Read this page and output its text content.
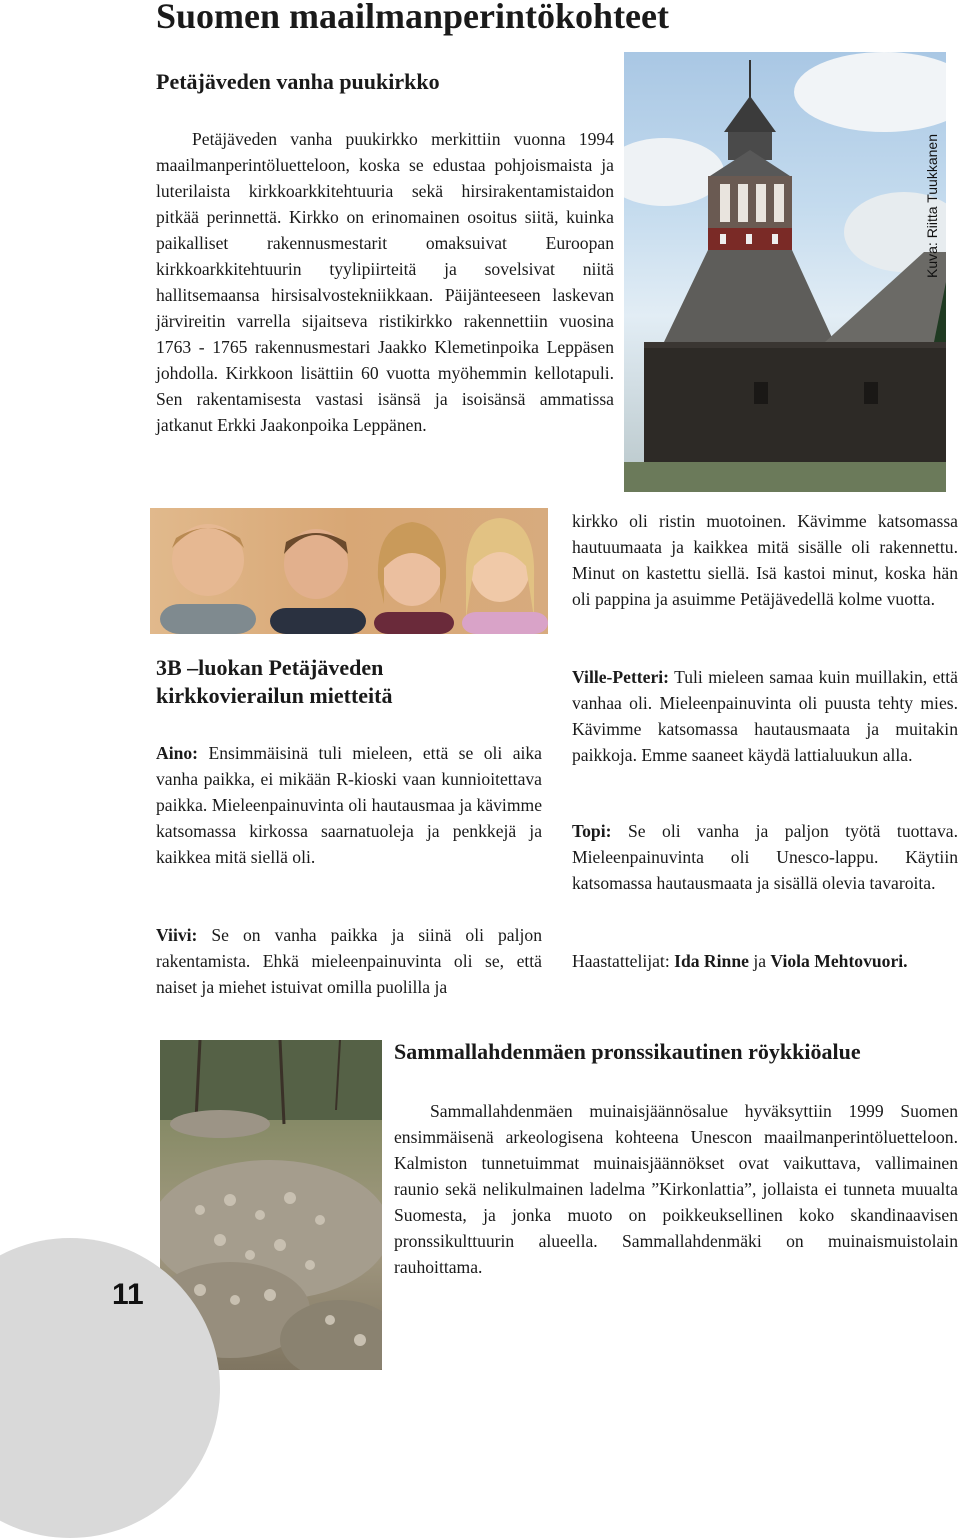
Suomen maailmanperintökohteet
Petäjäveden vanha puukirkko
Petäjäveden vanha puukirkko merkittiin vuonna 1994 maailmanperintöluetteloon, koska se edustaa pohjoismaista ja luterilaista kirkkoarkkitehtuuria sekä hirsirakentamistaidon pitkää perinnettä. Kirkko on erinomainen osoitus siitä, kuinka paikalliset rakennusmestarit omaksuivat Euroopan kirkkoarkkitehtuurin tyylipiirteitä ja sovelsivat niitä hallitsemaansa hirsisalvostekniikkaan. Päijänteeseen laskevan järvireitin varrella sijaitseva ristikirkko rakennettiin vuosina 1763 - 1765 rakennusmestari Jaakko Klemetinpoika Leppäsen johdolla. Kirkkoon lisättiin 60 vuotta myöhemmin kellotapuli. Sen rakentamisesta vastasi isänsä ja isoisänsä ammatissa jatkanut Erkki Jaakonpoika Leppänen.
Kuva: Riitta Tuukkanen
3B –luokan Petäjäveden kirkkovierailun mietteitä

Aino: Ensimmäisinä tuli mieleen, että se oli aika vanha paikka, ei mikään R-kioski vaan kunnioitettava paikka. Mieleenpainuvinta oli hautausmaa ja kävimme katsomassa kirkossa saarnatuoleja ja penkkejä ja kaikkea mitä siellä oli.

Viivi: Se on vanha paikka ja siinä oli paljon rakentamista. Ehkä mieleenpainuvinta oli se, että naiset ja miehet istuivat omilla puolilla ja

kirkko oli ristin muotoinen. Kävimme katsomassa hautuumaata ja kaikkea mitä sisälle oli rakennettu. Minut on kastettu siellä. Isä kastoi minut, koska hän oli pappina ja asuimme Petäjävedellä kolme vuotta.

Ville-Petteri: Tuli mieleen samaa kuin muillakin, että vanhaa oli. Mieleenpainuvinta oli puusta tehty mies. Kävimme katsomassa hautausmaata ja muitakin paikkoja. Emme saaneet käydä lattialuukun alla.

Topi: Se oli vanha ja paljon työtä tuottava. Mieleenpainuvinta oli Unesco-lappu. Käytiin katsomassa hautausmaata ja sisällä olevia tavaroita.

Haastattelijat: Ida Rinne ja Viola Mehtovuori.

Sammallahdenmäen pronssikautinen röykkiöalue
Sammallahdenmäen muinaisjäännösalue hyväksyttiin 1999 Suomen ensimmäisenä arkeologisena kohteena Unescon maailmanperintöluetteloon. Kalmiston tunnetuimmat muinaisjäännökset ovat vaikuttava, vallimainen raunio sekä nelikulmainen ladelma ”Kirkonlattia”, jollaista ei tunneta muualta Suomesta, ja jonka muoto on poikkeuksellinen koko skandinaavisen pronssikulttuurin alueella. Sammallahdenmäki on muinaismuistolain rauhoittama.
11
